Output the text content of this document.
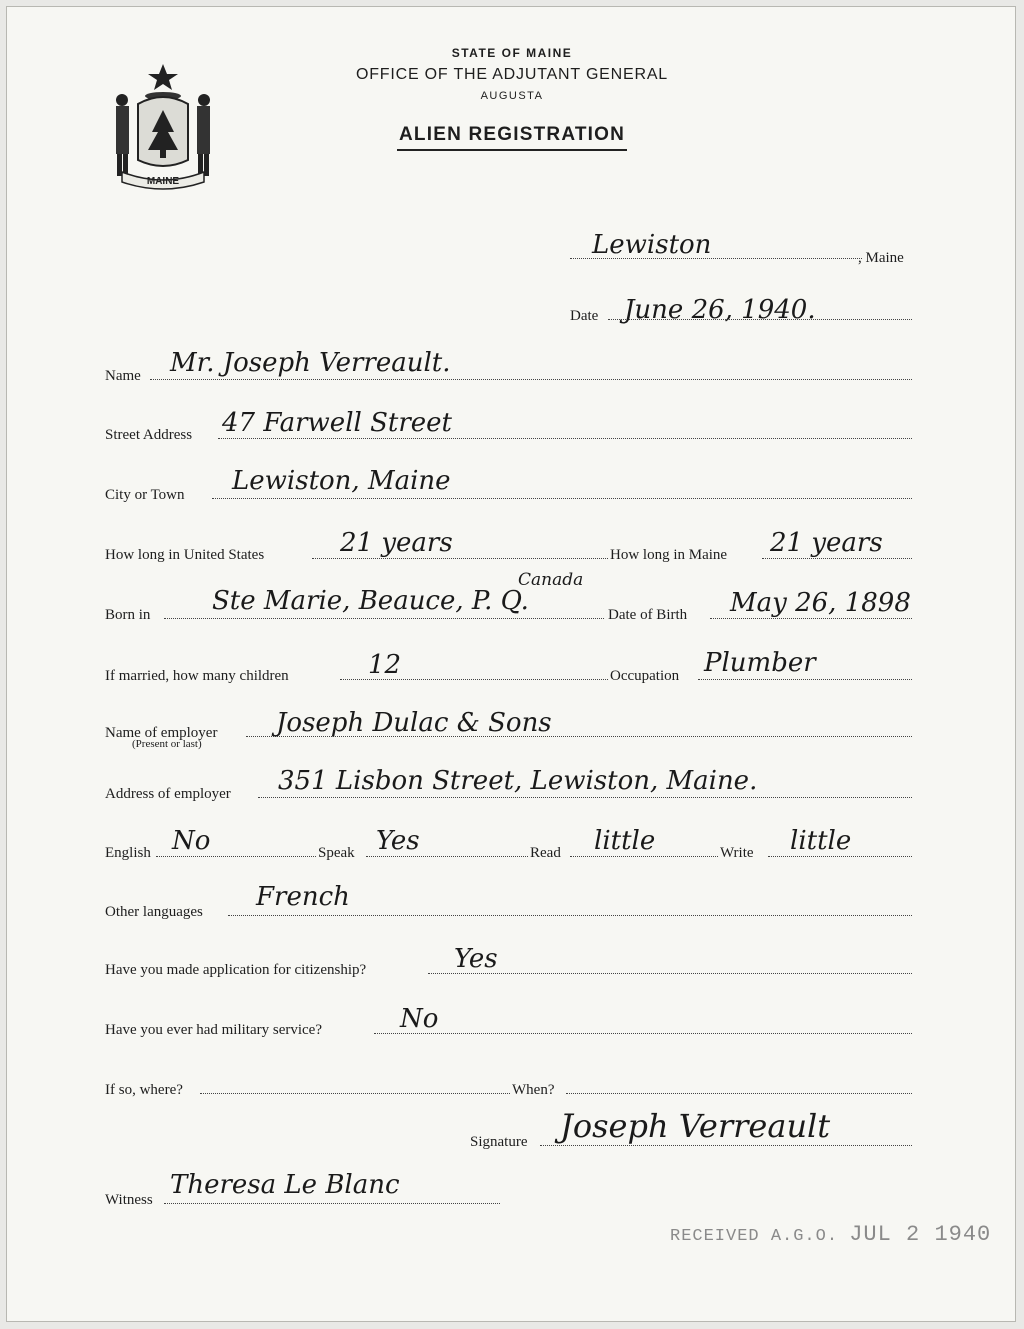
MAINE
STATE OF MAINE
OFFICE OF THE ADJUTANT GENERAL
AUGUSTA
ALIEN REGISTRATION
Lewiston	, Maine
Date June 26, 1940.
Name Mr. Joseph Verreault.
Street Address 47 Farwell Street
City or Town Lewiston, Maine
How long in United States	21 years	How long in Maine 21 years
Born in Ste Marie, Beauce, P. Q.
Canada
Date of Birth May 26, 1898
If married, how many children	12	Occupation Plumber
Name of employer
(Present or last)
Joseph Dulac & Sons
Address of employer 351 Lisbon Street, Lewiston, Maine.
English No	Speak Yes	Read little	Write little
Other languages French
Have you made application for citizenship?	Yes
Have you ever had military service?	No
If so, where?	When?
Signature Joseph Verreault
Witness Theresa Le Blanc
RECEIVED A.G.O. JUL 2 1940
